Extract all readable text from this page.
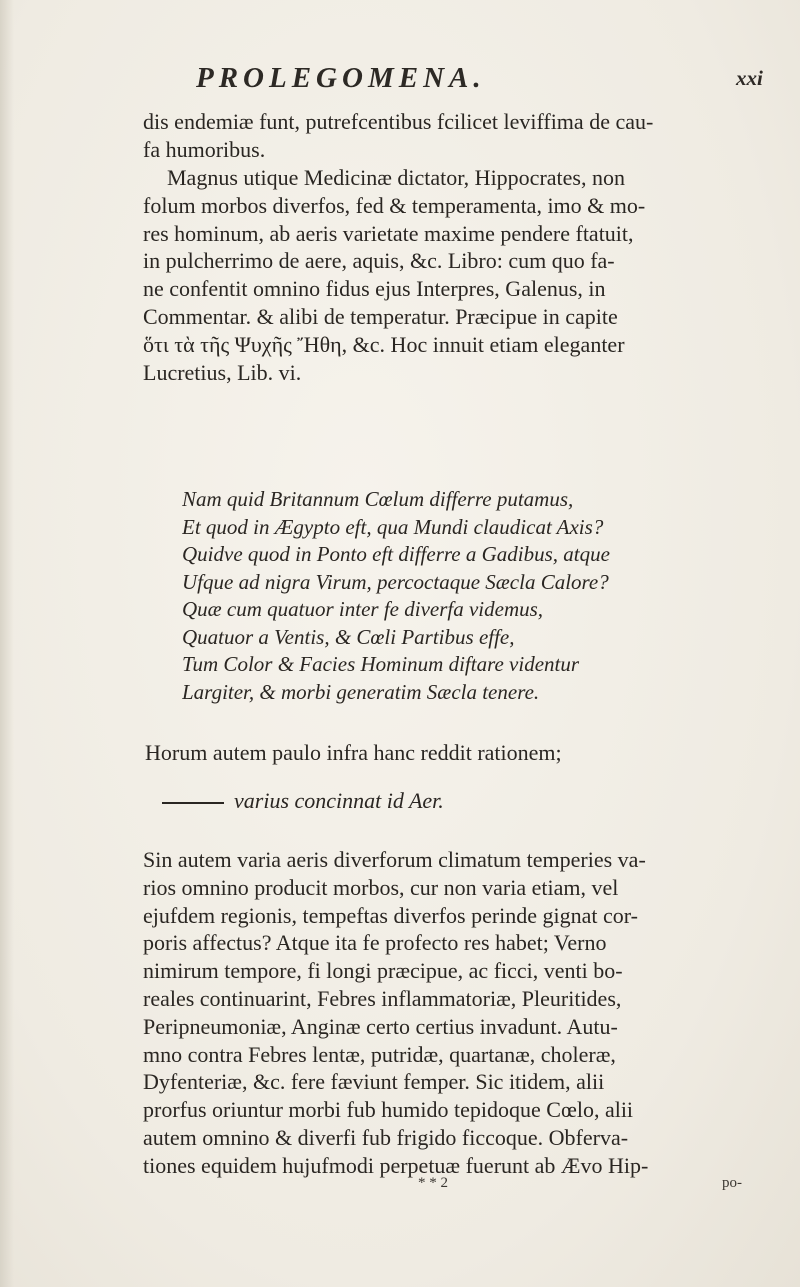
PROLEGOMENA.	xxi
dis endemiæ funt, putrefcentibus fcilicet leviffima de cau-
fa humoribus.
Magnus utique Medicinæ dictator, Hippocrates, non
folum morbos diverfos, fed & temperamenta, imo & mo-
res hominum, ab aeris varietate maxime pendere ftatuit,
in pulcherrimo de aere, aquis, &c. Libro: cum quo fa-
ne confentit omnino fidus ejus Interpres, Galenus, in
Commentar. & alibi de temperatur. Præcipue in capite
ὅτι τὰ τῆς Ψυχῆς Ἤθη, &c. Hoc innuit etiam eleganter
Lucretius, Lib. vi.
Nam quid Britannum Cœlum differre putamus,
Et quod in Ægypto eft, qua Mundi claudicat Axis?
Quidve quod in Ponto eft differre a Gadibus, atque
Ufque ad nigra Virum, percoctaque Sæcla Calore?
Quæ cum quatuor inter fe diverfa videmus,
Quatuor a Ventis, & Cœli Partibus effe,
Tum Color & Facies Hominum diftare videntur
Largiter, & morbi generatim Sæcla tenere.
Horum autem paulo infra hanc reddit rationem;
varius concinnat id Aer.
Sin autem varia aeris diverforum climatum temperies va-
rios omnino producit morbos, cur non varia etiam, vel
ejufdem regionis, tempeftas diverfos perinde gignat cor-
poris affectus? Atque ita fe profecto res habet; Verno
nimirum tempore, fi longi præcipue, ac ficci, venti bo-
reales continuarint, Febres inflammatoriæ, Pleuritides,
Peripneumoniæ, Anginæ certo certius invadunt. Autu-
mno contra Febres lentæ, putridæ, quartanæ, choleræ,
Dyfenteriæ, &c. fere fæviunt femper. Sic itidem, alii
prorfus oriuntur morbi fub humido tepidoque Cœlo, alii
autem omnino & diverfi fub frigido ficcoque. Obferva-
tiones equidem hujufmodi perpetuæ fuerunt ab Ævo Hip-
* * 2	po-
